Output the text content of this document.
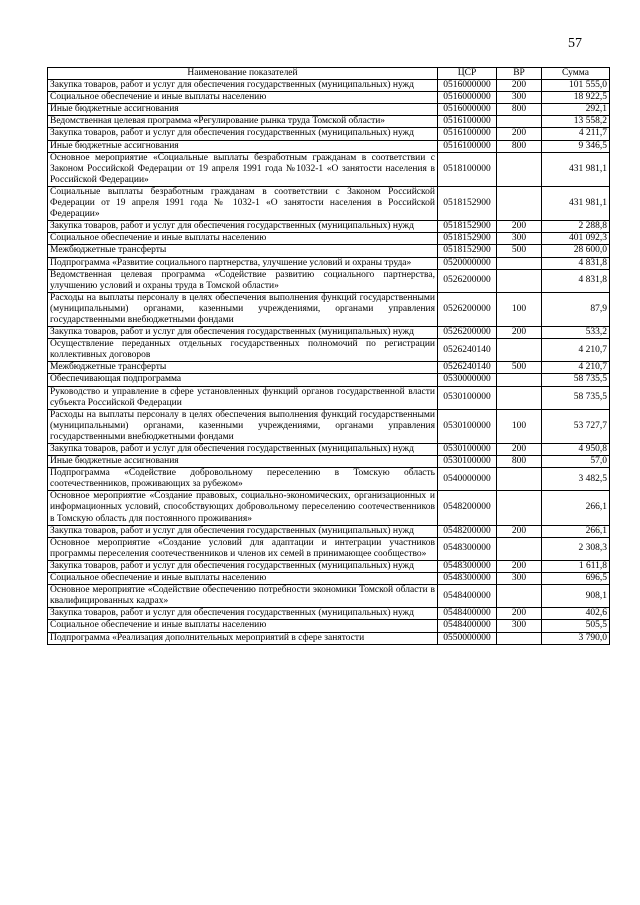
57
Наименование показателей	ЦСР	ВР	Сумма
Закупка товаров, работ и услуг для обеспечения государственных (муниципальных) нужд	0516000000	200	101 555,0
Социальное обеспечение и иные выплаты населению	0516000000	300	18 922,5
Иные бюджетные ассигнования	0516000000	800	292,1
Ведомственная целевая программа «Регулирование рынка труда Томской области»	0516100000		13 558,2
Закупка товаров, работ и услуг для обеспечения государственных (муниципальных) нужд	0516100000	200	4 211,7
Иные бюджетные ассигнования	0516100000	800	9 346,5
Основное мероприятие «Социальные выплаты безработным гражданам в соответствии с Законом Российской Федерации от 19 апреля 1991 года №1032-1 «О занятости населения в Российской Федерации»	0518100000		431 981,1
Социальные выплаты безработным гражданам в соответствии с Законом Российской Федерации от 19 апреля 1991 года № 1032-1 «О занятости населения в Российской Федерации»	0518152900		431 981,1
Закупка товаров, работ и услуг для обеспечения государственных (муниципальных) нужд	0518152900	200	2 288,8
Социальное обеспечение и иные выплаты населению	0518152900	300	401 092,3
Межбюджетные трансферты	0518152900	500	28 600,0
Подпрограмма «Развитие социального партнерства, улучшение условий и охраны труда»	0520000000		4 831,8
Ведомственная целевая программа «Содействие развитию социального партнерства, улучшению условий и охраны труда в Томской области»	0526200000		4 831,8
Расходы на выплаты персоналу в целях обеспечения выполнения функций государственными (муниципальными) органами, казенными учреждениями, органами управления государственными внебюджетными фондами	0526200000	100	87,9
Закупка товаров, работ и услуг для обеспечения государственных (муниципальных) нужд	0526200000	200	533,2
Осуществление переданных отдельных государственных полномочий по регистрации коллективных договоров	0526240140		4 210,7
Межбюджетные трансферты	0526240140	500	4 210,7
Обеспечивающая подпрограмма	0530000000		58 735,5
Руководство и управление в сфере установленных функций органов государственной власти субъекта Российской Федерации	0530100000		58 735,5
Расходы на выплаты персоналу в целях обеспечения выполнения функций государственными (муниципальными) органами, казенными учреждениями, органами управления государственными внебюджетными фондами	0530100000	100	53 727,7
Закупка товаров, работ и услуг для обеспечения государственных (муниципальных) нужд	0530100000	200	4 950,8
Иные бюджетные ассигнования	0530100000	800	57,0
Подпрограмма «Содействие добровольному переселению в Томскую область соотечественников, проживающих за рубежом»	0540000000		3 482,5
Основное мероприятие «Создание правовых, социально-экономических, организационных и информационных условий, способствующих добровольному переселению соотечественников в Томскую область для постоянного проживания»	0548200000		266,1
Закупка товаров, работ и услуг для обеспечения государственных (муниципальных) нужд	0548200000	200	266,1
Основное мероприятие «Создание условий для адаптации и интеграции участников программы переселения соотечественников и членов их семей в принимающее сообщество»	0548300000		2 308,3
Закупка товаров, работ и услуг для обеспечения государственных (муниципальных) нужд	0548300000	200	1 611,8
Социальное обеспечение и иные выплаты населению	0548300000	300	696,5
Основное мероприятие «Содействие обеспечению потребности экономики Томской области в квалифицированных кадрах»	0548400000		908,1
Закупка товаров, работ и услуг для обеспечения государственных (муниципальных) нужд	0548400000	200	402,6
Социальное обеспечение и иные выплаты населению	0548400000	300	505,5
Подпрограмма «Реализация дополнительных мероприятий в сфере занятости	0550000000		3 790,0
